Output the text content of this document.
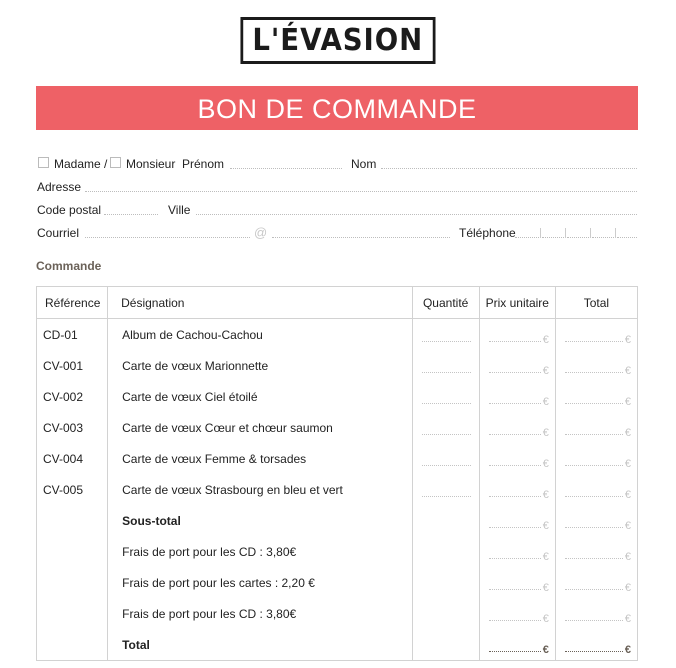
L'ÉVASION
BON DE COMMANDE
Madame / Monsieur Prénom	Nom
Adresse
Code postal	Ville
Courriel	@	Téléphone
Commande
Référence	Désignation	Quantité	Prix unitaire	Total
CD-01	Album de Cachou-Cachou		€	€

CV-001	Carte de vœux Marionnette		€	€

CV-002	Carte de vœux Ciel étoilé		€	€

CV-003	Carte de vœux Cœur et chœur saumon		€	€

CV-004	Carte de vœux Femme & torsades		€	€

CV-005	Carte de vœux Strasbourg en bleu et vert		€	€

	Sous-total		€	€

	Frais de port pour les CD : 3,80€		€	€

	Frais de port pour les cartes : 2,20 €		€	€

	Frais de port pour les CD : 3,80€		€	€

	Total		€	€
